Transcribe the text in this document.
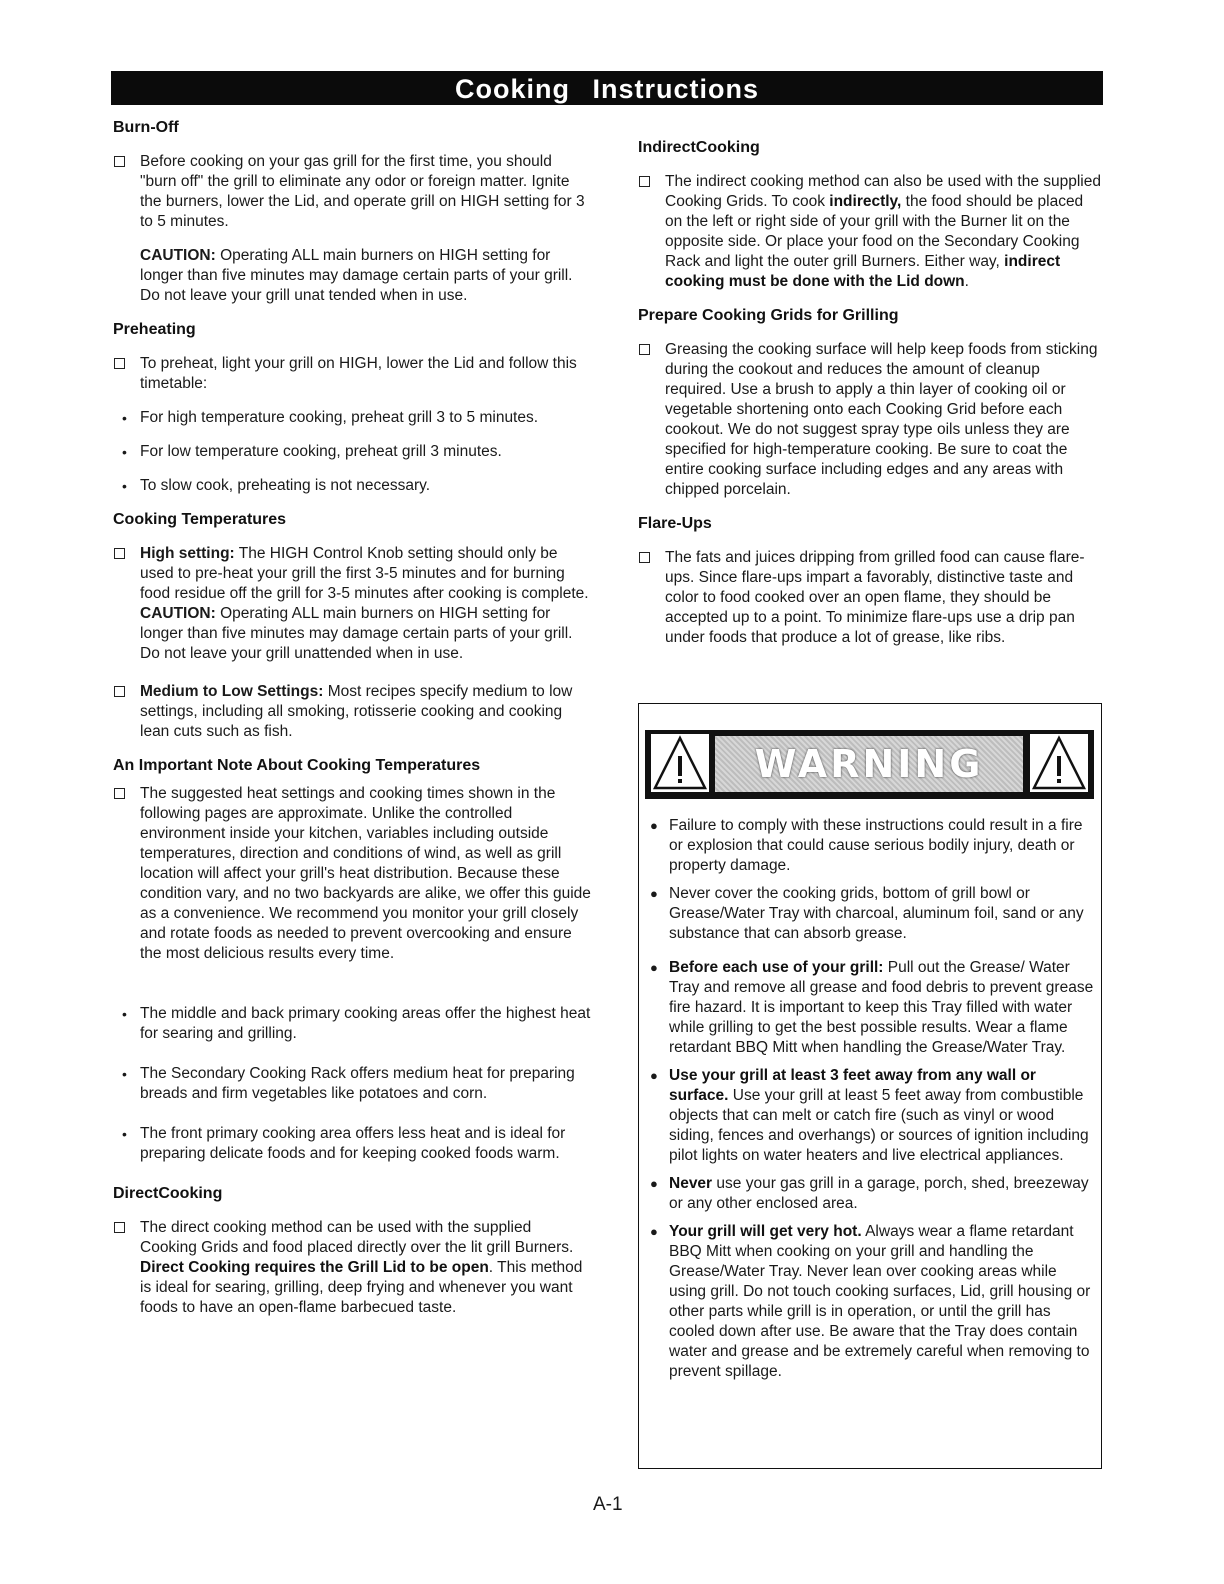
Cooking Instructions
Burn-Off
Before cooking on your gas grill for the first time, you should "burn off" the grill to eliminate any odor or foreign matter. Ignite the burners, lower the Lid, and operate grill on HIGH setting for 3 to 5 minutes.
CAUTION: Operating ALL main burners on HIGH setting for longer than five minutes may damage certain parts of your grill. Do not leave your grill unat tended when in use.
Preheating
To preheat, light your grill on HIGH, lower the Lid and follow this timetable:
• For high temperature cooking, preheat grill 3 to 5 minutes.
• For low temperature cooking, preheat grill 3 minutes.
• To slow cook, preheating is not necessary.
Cooking Temperatures
High setting: The HIGH Control Knob setting should only be used to pre-heat your grill the first 3-5 minutes and for burning food residue off the grill for 3-5 minutes after cooking is complete.
CAUTION: Operating ALL main burners on HIGH setting for longer than five minutes may damage certain parts of your grill. Do not leave your grill unattended when in use.
Medium to Low Settings: Most recipes specify medium to low settings, including all smoking, rotisserie cooking and cooking lean cuts such as fish.
An Important Note About Cooking Temperatures
The suggested heat settings and cooking times shown in the following pages are approximate. Unlike the controlled environment inside your kitchen, variables including outside temperatures, direction and conditions of wind, as well as grill location will affect your grill's heat distribution. Because these condition vary, and no two backyards are alike, we offer this guide as a convenience. We recommend you monitor your grill closely and rotate foods as needed to prevent overcooking and ensure the most delicious results every time.
• The middle and back primary cooking areas offer the highest heat for searing and grilling.
• The Secondary Cooking Rack offers medium heat for preparing breads and firm vegetables like potatoes and corn.
• The front primary cooking area offers less heat and is ideal for preparing delicate foods and for keeping cooked foods warm.
DirectCooking
The direct cooking method can be used with the supplied Cooking Grids and food placed directly over the lit grill Burners. Direct Cooking requires the Grill Lid to be open. This method is ideal for searing, grilling, deep frying and whenever you want foods to have an open-flame barbecued taste.
IndirectCooking
The indirect cooking method can also be used with the supplied Cooking Grids. To cook indirectly, the food should be placed on the left or right side of your grill with the Burner lit on the opposite side. Or place your food on the Secondary Cooking Rack and light the outer grill Burners. Either way, indirect cooking must be done with the Lid down.
Prepare Cooking Grids for Grilling
Greasing the cooking surface will help keep foods from sticking during the cookout and reduces the amount of cleanup required. Use a brush to apply a thin layer of cooking oil or vegetable shortening onto each Cooking Grid before each cookout. We do not suggest spray type oils unless they are specified for high-temperature cooking. Be sure to coat the entire cooking surface including edges and any areas with chipped porcelain.
Flare-Ups
The fats and juices dripping from grilled food can cause flare-ups. Since flare-ups impart a favorably, distinctive taste and color to food cooked over an open flame, they should be accepted up to a point. To minimize flare-ups use a drip pan under foods that produce a lot of grease, like ribs.
WARNING
● Failure to comply with these instructions could result in a fire or explosion that could cause serious bodily injury, death or property damage.
● Never cover the cooking grids, bottom of grill bowl or Grease/Water Tray with charcoal, aluminum foil, sand or any substance that can absorb grease.
● Before each use of your grill: Pull out the Grease/ Water Tray and remove all grease and food debris to prevent grease fire hazard. It is important to keep this Tray filled with water while grilling to get the best possible results. Wear a flame retardant BBQ Mitt when handling the Grease/Water Tray.
● Use your grill at least 3 feet away from any wall or surface. Use your grill at least 5 feet away from combustible objects that can melt or catch fire (such as vinyl or wood siding, fences and overhangs) or sources of ignition including pilot lights on water heaters and live electrical appliances.
● Never use your gas grill in a garage, porch, shed, breezeway or any other enclosed area.
● Your grill will get very hot. Always wear a flame retardant BBQ Mitt when cooking on your grill and handling the Grease/Water Tray. Never lean over cooking areas while using grill. Do not touch cooking surfaces, Lid, grill housing or other parts while grill is in operation, or until the grill has cooled down after use. Be aware that the Tray does contain water and grease and be extremely careful when removing to prevent spillage.
A-1
